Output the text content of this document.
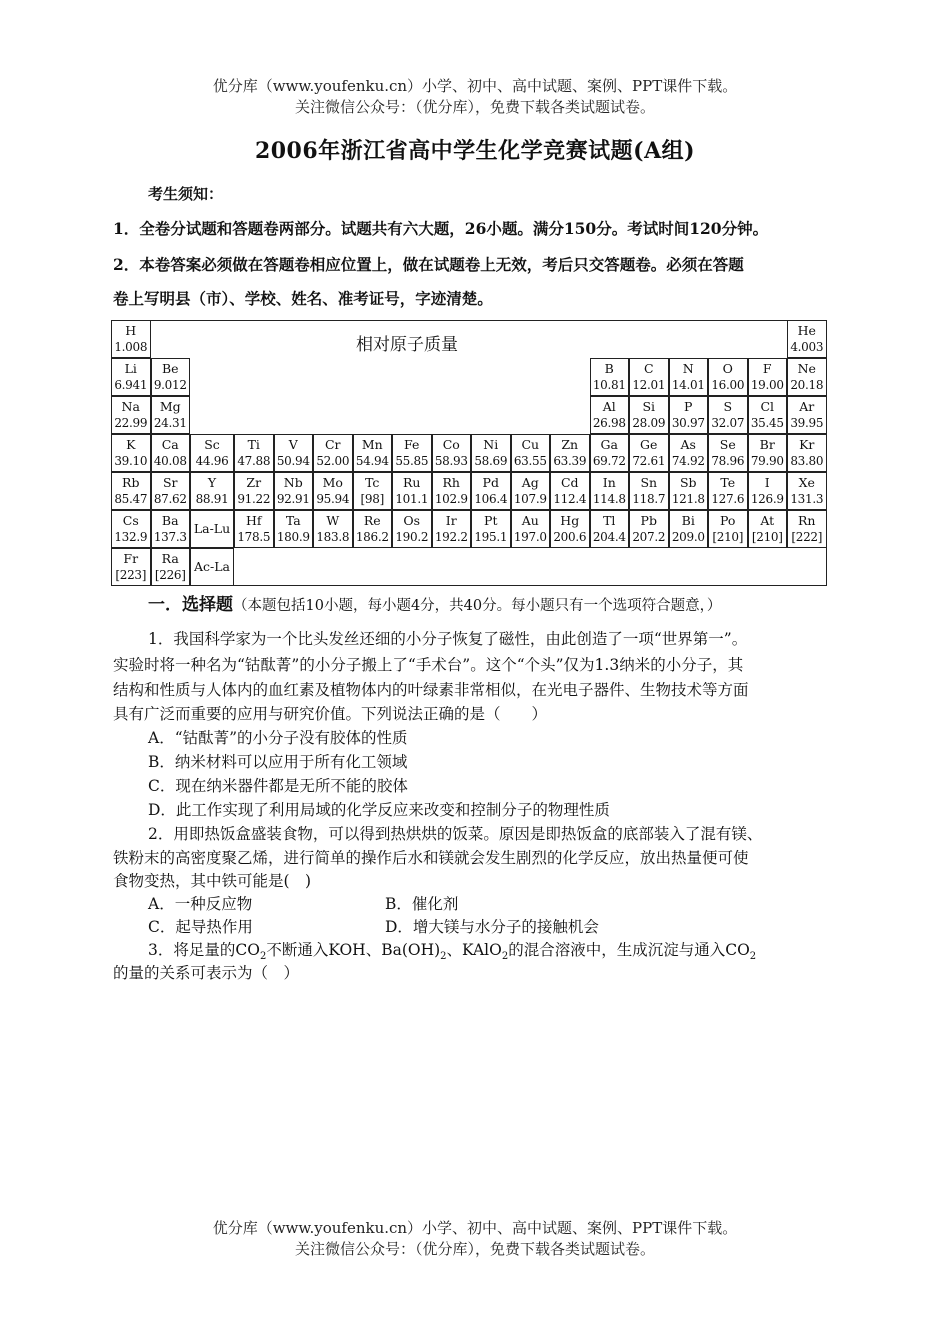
优分库（www.youfenku.cn）小学、初中、高中试题、案例、PPT课件下载。
关注微信公众号：（优分库），免费下载各类试题试卷。
2006年浙江省高中学生化学竞赛试题(A组)
考生须知：
1．全卷分试题和答题卷两部分。试题共有六大题，26小题。满分150分。考试时间120分钟。
2．本卷答案必须做在答题卷相应位置上，做在试题卷上无效，考后只交答题卷。必须在答题
卷上写明县（市）、学校、姓名、准考证号，字迹清楚。
相对原子质量
La-Lu
Ac-La
H
1.008
He
4.003
Li
6.941
Be
9.012
B
10.81
C
12.01
N
14.01
O
16.00
F
19.00
Ne
20.18
Na
22.99
Mg
24.31
Al
26.98
Si
28.09
P
30.97
S
32.07
Cl
35.45
Ar
39.95
K
39.10
Ca
40.08
Sc
44.96
Ti
47.88
V
50.94
Cr
52.00
Mn
54.94
Fe
55.85
Co
58.93
Ni
58.69
Cu
63.55
Zn
63.39
Ga
69.72
Ge
72.61
As
74.92
Se
78.96
Br
79.90
Kr
83.80
Rb
85.47
Sr
87.62
Y
88.91
Zr
91.22
Nb
92.91
Mo
95.94
Tc
[98]
Ru
101.1
Rh
102.9
Pd
106.4
Ag
107.9
Cd
112.4
In
114.8
Sn
118.7
Sb
121.8
Te
127.6
I
126.9
Xe
131.3
Cs
132.9
Ba
137.3
Hf
178.5
Ta
180.9
W
183.8
Re
186.2
Os
190.2
Ir
192.2
Pt
195.1
Au
197.0
Hg
200.6
Tl
204.4
Pb
207.2
Bi
209.0
Po
[210]
At
[210]
Rn
[222]
Fr
[223]
Ra
[226]
一．选择题（本题包括10小题，每小题4分，共40分。每小题只有一个选项符合题意，）
1．我国科学家为一个比头发丝还细的小分子恢复了磁性，由此创造了一项“世界第一”。
实验时将一种名为“钴酞菁”的小分子搬上了“手术台”。这个“个头”仅为1.3纳米的小分子，其
结构和性质与人体内的血红素及植物体内的叶绿素非常相似，在光电子器件、生物技术等方面
具有广泛而重要的应用与研究价值。下列说法正确的是（　　）
A．“钴酞菁”的小分子没有胶体的性质
B．纳米材料可以应用于所有化工领域
C．现在纳米器件都是无所不能的胶体
D．此工作实现了利用局域的化学反应来改变和控制分子的物理性质
2．用即热饭盒盛装食物，可以得到热烘烘的饭菜。原因是即热饭盒的底部装入了混有镁、
铁粉末的高密度聚乙烯，进行简单的操作后水和镁就会发生剧烈的化学反应，放出热量便可使
食物变热，其中铁可能是(　)
A．一种反应物	B．催化剂
C．起导热作用	D．增大镁与水分子的接触机会
3．将足量的$CO_2$不断通入KOH、$Ba(OH)_2$、KAlO$_2$的混合溶液中，生成沉淀与通入$CO_2$
的量的关系可表示为（　）
优分库（www.youfenku.cn）小学、初中、高中试题、案例、PPT课件下载。
关注微信公众号：（优分库），免费下载各类试题试卷。
